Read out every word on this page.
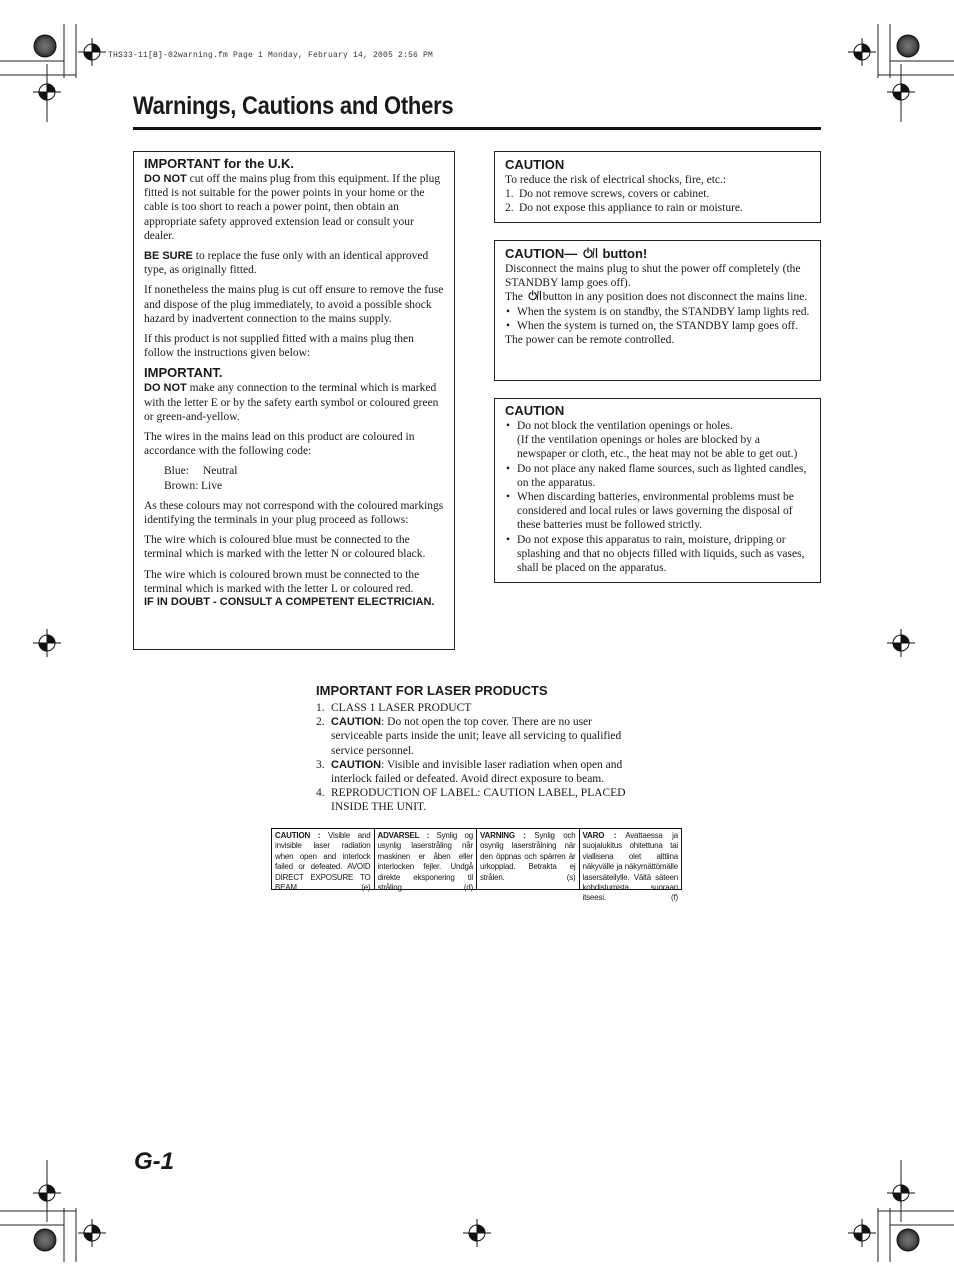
THS33-11[B]-02warning.fm Page 1 Monday, February 14, 2005 2:56 PM
Warnings, Cautions and Others

IMPORTANT for the U.K.

DO NOT cut off the mains plug from this equipment. If the plug fitted is not suitable for the power points in your home or the cable is too short to reach a power point, then obtain an appropriate safety approved extension lead or consult your dealer.

BE SURE to replace the fuse only with an identical approved type, as originally fitted.

If nonetheless the mains plug is cut off ensure to remove the fuse and dispose of the plug immediately, to avoid a possible shock hazard by inadvertent connection to the mains supply.

If this product is not supplied fitted with a mains plug then follow the instructions given below:

IMPORTANT.

DO NOT make any connection to the terminal which is marked with the letter E or by the safety earth symbol or coloured green or green-and-yellow.

The wires in the mains lead on this product are coloured in accordance with the following code:

Blue:	Neutral
Brown: Live

As these colours may not correspond with the coloured markings identifying the terminals in your plug proceed as follows:

The wire which is coloured blue must be connected to the terminal which is marked with the letter N or coloured black.

The wire which is coloured brown must be connected to the terminal which is marked with the letter L or coloured red.

IF IN DOUBT - CONSULT A COMPETENT ELECTRICIAN.

CAUTION

To reduce the risk of electrical shocks, fire, etc.:

1. Do not remove screws, covers or cabinet.
2. Do not expose this appliance to rain or moisture.

CAUTION— button!

Disconnect the mains plug to shut the power off completely (the STANDBY lamp goes off).

The button in any position does not disconnect the mains line.

• When the system is on standby, the STANDBY lamp lights red.
• When the system is turned on, the STANDBY lamp goes off.

The power can be remote controlled.

CAUTION

• Do not block the ventilation openings or holes.
(If the ventilation openings or holes are blocked by a newspaper or cloth, etc., the heat may not be able to get out.)
• Do not place any naked flame sources, such as lighted candles, on the apparatus.
• When discarding batteries, environmental problems must be considered and local rules or laws governing the disposal of these batteries must be followed strictly.
• Do not expose this apparatus to rain, moisture, dripping or splashing and that no objects filled with liquids, such as vases, shall be placed on the apparatus.

IMPORTANT FOR LASER PRODUCTS

1. CLASS 1 LASER PRODUCT
2. CAUTION: Do not open the top cover. There are no user serviceable parts inside the unit; leave all servicing to qualified service personnel.
3. CAUTION: Visible and invisible laser radiation when open and interlock failed or defeated. Avoid direct exposure to beam.
4. REPRODUCTION OF LABEL: CAUTION LABEL, PLACED INSIDE THE UNIT.
CAUTION : Visible and invisible laser radiation when open and interlock failed or defeated. AVOID DIRECT EXPOSURE TO BEAM.	(e)
ADVARSEL : Synlig og usynlig laserstråling når maskinen er åben eller interlocken fejler. Undgå direkte eksponering til stråling.	(d)
VARNING : Synlig och osynlig laserstrålning när den öppnas och spärren är urkopplad. Betrakta ej strålen.	(s)
VARO : Avattaessa ja suojalukitus ohitettuna tai viallisena olet alttiina näkyvälle ja näkymättömälle lasersäteilylle. Vältä säteen kohdistumista suoraan itseesi.	(f)
G-1
